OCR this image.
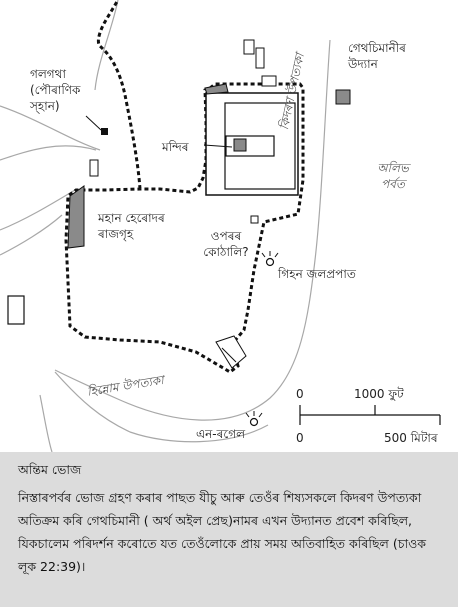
গেথচিমানীৰ উদ্যান
কিদৰণ উপত্যকা
মন্দিৰ
অলিভ পর্বত
গলগথা (পৌৰাণিক স্হান)
মহান হেৰোদৰ ৰাজগৃহ	ওপৰৰ কোঠালি?
গিহন জলপ্রপাত
হিন্নোম উপত্যকা
এন-ৰগেল
0	1000 ফুট
0	500 মিটাৰ
অন্তিম ভোজ
নিস্তাৰপৰ্বৰ ভোজ গ্ৰহণ কৰাৰ পাছত যীচু আৰু তেওঁৰ শিষ্যসকলে কিদৰণ উপত্যকা অতিক্ৰম কৰি গেথচিমানী ( অৰ্থ অইল প্ৰেছ)নামৰ এখন উদ্যানত প্ৰবেশ কৰিছিল, যিকচালেম পৰিদৰ্শন কৰোতে যত তেওঁলোকে প্ৰায় সময় অতিবাহিত কৰিছিল (চাওক লূক 22:39)।
